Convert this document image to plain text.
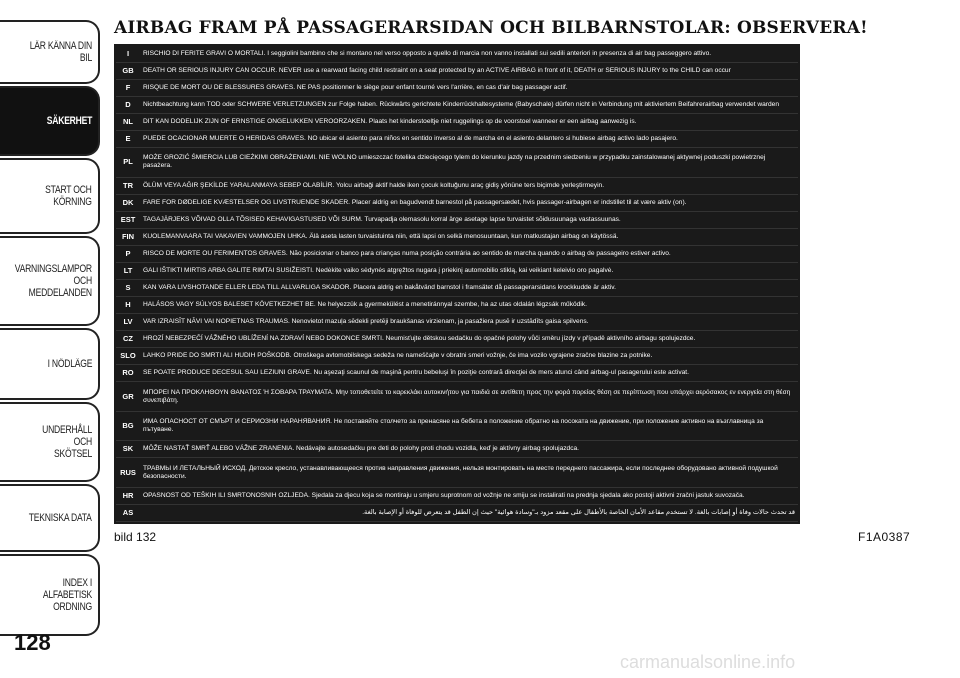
LÄR KÄNNA DIN BIL
SÄKERHET
START OCH
KÖRNING
VARNINGSLAMPOR
OCH
MEDDELANDEN
I NÖDLÄGE
UNDERHÅLL OCH
SKÖTSEL
TEKNISKA DATA
INDEX I ALFABETISK
ORDNING
128
AIRBAG FRAM PÅ PASSAGERARSIDAN OCH BILBARNSTOLAR: OBSERVERA!
I	RISCHIO DI FERITE GRAVI O MORTALI. I seggiolini bambino che si montano nel verso opposto a quello di marcia non vanno installati sui sedili anteriori in presenza di air bag passeggero attivo.
GB	DEATH OR SERIOUS INJURY CAN OCCUR. NEVER use a rearward facing child restraint on a seat protected by an ACTIVE AIRBAG in front of it, DEATH or SERIOUS INJURY to the CHILD can occur
F	RISQUE DE MORT OU DE BLESSURES GRAVES. NE PAS positionner le siège pour enfant tourné vers l'arrière, en cas d'air bag passager actif.
D	Nichtbeachtung kann TOD oder SCHWERE VERLETZUNGEN zur Folge haben. Rückwärts gerichtete Kinderrückhaltesysteme (Babyschale) dürfen nicht in Verbindung mit aktiviertem Beifahrerairbag verwendet warden
NL	DIT KAN DODELIJK ZIJN OF ERNSTIGE ONGELUKKEN VEROORZAKEN. Plaats het kinderstoeltje niet ruggelings op de voorstoel wanneer er een airbag aanwezig is.
E	PUEDE OCACIONAR MUERTE O HERIDAS GRAVES. NO ubicar el asiento para niños en sentido inverso al de marcha en el asiento delantero si hubiese airbag activo lado pasajero.
PL	MOŻE GROZIĆ ŚMIERCIA LUB CIEŻKIMI OBRAŻENIAMI. NIE WOLNO umieszczać fotelika dziecięcego tylem do kierunku jazdy na przednim siedzeniu w przypadku zainstalowanej aktywnej poduszki powietrznej pasażera.
TR	ÖLÜM VEYA AĞIR ŞEKİLDE YARALANMAYA SEBEP OLABİLİR. Yolcu airbaği aktif halde iken çocuk koltuğunu araç gidiş yönüne ters biçimde yerleştirmeyin.
DK	FARE FOR DØDELIGE KVÆSTELSER OG LIVSTRUENDE SKADER. Placer aldrig en bagudvendt barnestol på passagersædet, hvis passager-airbagen er indstillet til at være aktiv (on).
EST	TAGAJÄRJEKS VÕIVAD OLLA TÕSISED KEHAVIGASTUSED VÕI SURM. Turvapadja olemasolu korral ärge asetage lapse turvaistet sõidusuunaga vastassuunas.
FIN	KUOLEMANVAARA TAI VAKAVIEN VAMMOJEN UHKA. Älä aseta lasten turvaistuinta niin, että lapsi on selkä menosuuntaan, kun matkustajan airbag on käytössä.
P	RISCO DE MORTE OU FERIMENTOS GRAVES. Não posicionar o banco para crianças numa posição contrária ao sentido de marcha quando o airbag de passageiro estiver activo.
LT	GALI IŠTIKTI MIRTIS ARBA GALITE RIMTAI SUSIŽEISTI. Nedėkite vaiko sėdynės atgręžtos nugara į priekinį automobilio stiklą, kai veikiant keleivio oro pagalvė.
S	KAN VARA LIVSHOTANDE ELLER LEDA TILL ALLVARLIGA SKADOR. Placera aldrig en bakåtvänd barnstol i framsätet då passagerarsidans krockkudde är aktiv.
H	HALÁSOS VAGY SÚLYOS BALESET KÖVETKEZHET BE. Ne helyezzük a gyermekülést a menetiránnyal szembe, ha az utas oldalán légzsák működik.
LV	VAR IZRAISĪT NĀVI VAI NOPIETNAS TRAUMAS. Nenovietot mazuļa sēdekli pretēji braukšanas virzienam, ja pasažiera pusē ir uzstādīts gaisa spilvens.
CZ	HROZÍ NEBEZPEČÍ VÁŽNÉHO UBLÍŽENÍ NA ZDRAVÍ NEBO DOKONCE SMRTI. Neumisťujte dětskou sedačku do opačné polohy vůči směru jízdy v případě aktivního airbagu spolujezdce.
SLO	LAHKO PRIDE DO SMRTI ALI HUDIH POŠKODB. Otroškega avtomobilskega sedeža ne nameščajte v obratni smeri vožnje, če ima vozilo vgrajene zračne blazine za potnike.
RO	SE POATE PRODUCE DECESUL SAU LEZIUNI GRAVE. Nu aşezaţi scaunul de maşină pentru bebeluşi în poziţie contrară direcţiei de mers atunci când airbag-ul pasagerului este activat.
GR	ΜΠΟΡΕΙ ΝΑ ΠΡΟΚΛΗΘΟΥΝ ΘΑΝΑΤΟΣ Ή ΣΟΒΑΡΑ ΤΡΑΥΜΑΤΑ. Μην τοποθετείτε το καρεκλάκι αυτοκινήτου για παιδιά σε αντίθετη προς την φορά πορείας θέση σε περίπτωση που υπάρχει αερόσακος εν ενεργεία στη θέση συνεπιβάτη.
BG	ИМА ОПАСНОСТ ОТ СМЪРТ И СЕРИОЗНИ НАРАНЯВАНИЯ. Не поставяйте столчето за пренасяне на бебета в положение обратно на посоката на движение, при положение активно на възглавница за пътуване.
SK	MÔŽE NASTAŤ SMRŤ ALEBO VÁŽNE ZRANENIA. Nedávajte autosedačku pre deti do polohy proti chodu vozidla, keď je aktívny airbag spolujazdca.
RUS	ТРАВМЫ И ЛЕТАЛЬНЫЙ ИСХОД. Детское кресло, устанавливающееся против направления движения, нельзя монтировать на месте переднего пассажира, если последнее оборудовано активной подушкой безопасности.
HR	OPASNOST OD TEŠKIH ILI SMRTONOSNIH OZLJEDA. Sjedala za djecu koja se montiraju u smjeru suprotnom od vožnje ne smiju se instalirati na prednja sjedala ako postoji aktivni zračni jastuk suvozača.
AS	قد تحدث حالات وفاة أو إصابات بالغة. لا تستخدم مقاعد الأمان الخاصة بالأطفال على مقعد مزود بـ"وسادة هوائية" حيث إن الطفل قد يتعرض للوفاة أو الإصابة بالغة.
bild 132	F1A0387
carmanualsonline.info
